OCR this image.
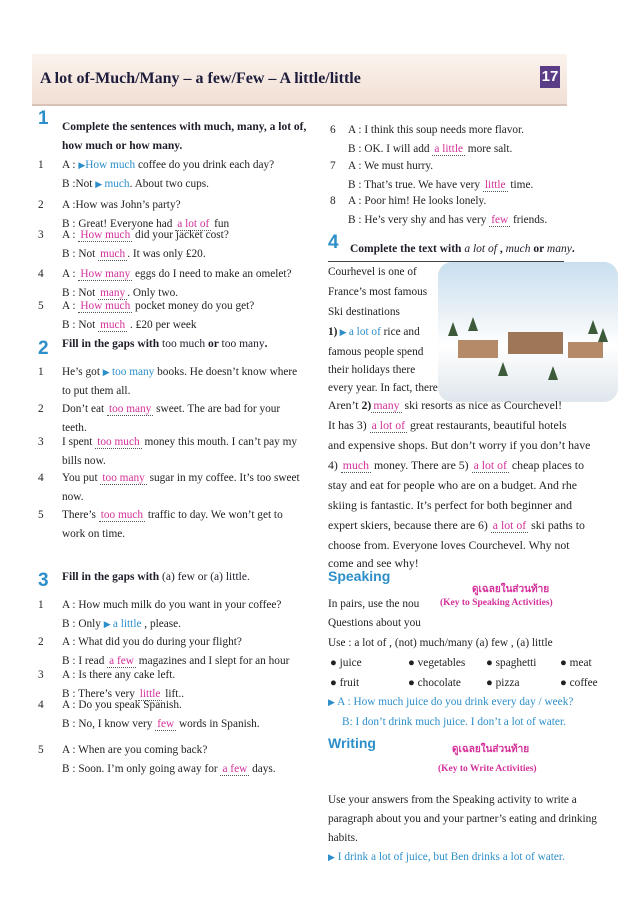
A lot of-Much/Many – a few/Few – A little/little	17
1 Complete the sentences with much, many, a lot of,
how much or how many.
1 A : ▶How much coffee do you drink each day?
B :Not ▶ much. About two cups.
2 A :How was John’s party?
B : Great! Everyone had a lot of fun
3 A : How much did your jacket cost?
B : Not much . It was only ₤20.
4 A : How many eggs do I need to make an omelet?
B : Not many . Only two.
5 A : How much pocket money do you get?
B : Not much . ₤20 per week
2 Fill in the gaps with too much or too many.
1 He’s got ▶ too many books. He doesn’t know where
to put them all.
2 Don’t eat too many sweet. The are bad for your
teeth.
3 I spent too much money this mouth. I can’t pay my
bills now.
4 You put too many sugar in my coffee. It’s too sweet
now.
5 There’s too much traffic to day. We won’t get to
work on time.
3 Fill in the gaps with (a) few or (a) little.
1 A : How much milk do you want in your coffee?
B : Only ▶ a little , please.
2 A : What did you do during your flight?
B : I read a few magazines and I slept for an hour
3 A : Is there any cake left.
B : There’s very little lift..
4 A : Do you speak Spanish.
B : No, I know very few words in Spanish.
5 A : When are you coming back?
B : Soon. I’m only going away for a few days.
6 A : I think this soup needs more flavor.
B : OK. I will add a little more salt.
7 A : We must hurry.
B : That’s true. We have very little time.
8 A : Poor him! He looks lonely.
B : He’s very shy and has very few friends.
4 Complete the text with a lot of , much or many.
Courhevel is one of
France’s most famous
Ski destinations
1) ▶ a lot of rice and
famous people spend
their holidays there
every year. In fact, there
Aren’t 2) many ski resorts as nice as Courchevel!
It has 3) a lot of great restaurants, beautiful hotels
and expensive shops. But don’t worry if you don’t have
4) much money. There are 5) a lot of cheap places to
stay and eat for people who are on a budget. And rhe
skiing is fantastic. It’s perfect for both beginner and
expert skiers, because there are 6) a lot of ski paths to
choose from. Everyone loves Courchevel. Why not
come and see why!
Speaking
ดูเฉลยในส่วนท้าย
(Key to Speaking Activities)
In pairs, use the nou
Questions about you
Use : a lot of , (not) much/many (a) few , (a) little
● juice	● vegetables ● spaghetti ● meat
● fruit	● chocolate ● pizza	● coffee
▶ A : How much juice do you drink every day / week?
B: I don’t drink much juice. I don’t a lot of water.
Writing	ดูเฉลยในส่วนท้าย
(Key to Write Activities)
Use your answers from the Speaking activity to write a
paragraph about you and your partner’s eating and drinking
habits.
▶ I drink a lot of juice, but Ben drinks a lot of water.
